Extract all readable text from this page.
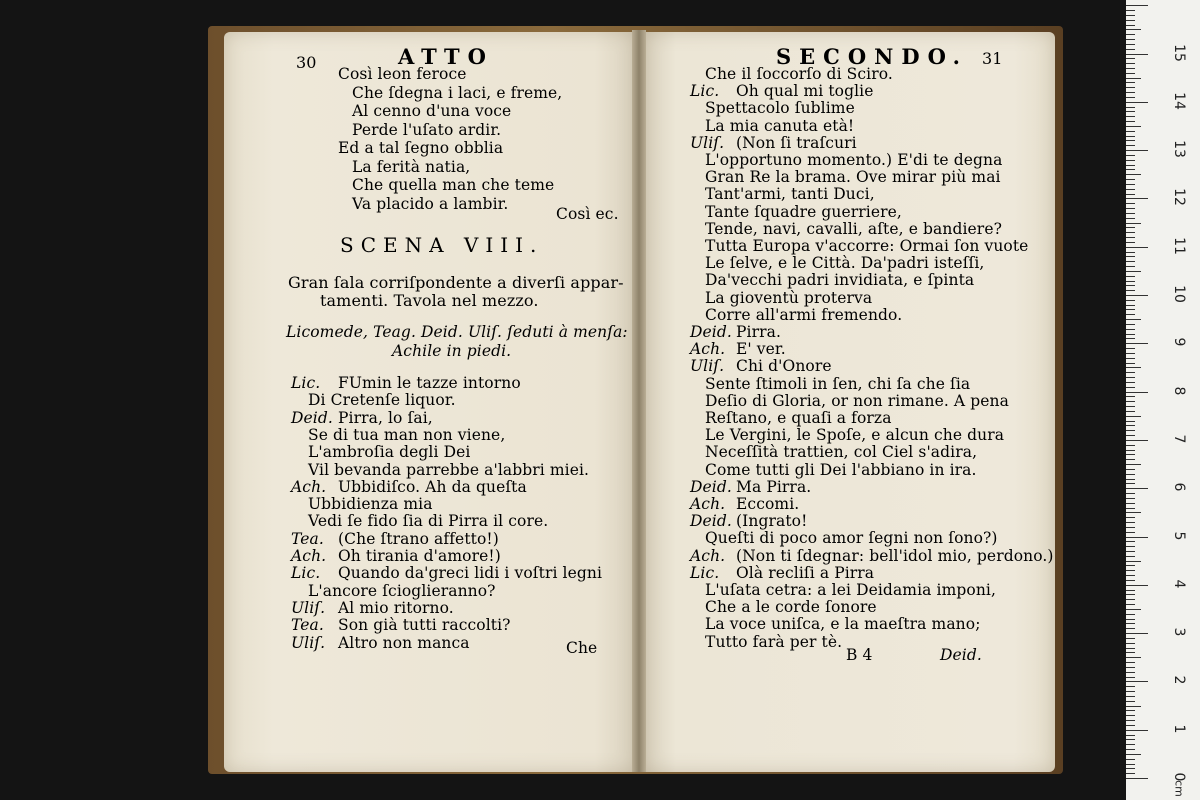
30	ATTO
Così leon feroce
Che ſdegna i laci, e freme,
Al cenno d'una voce
Perde l'uſato ardir.
Ed a tal ſegno obblia
La ferità natia,
Che quella man che teme
Va placido a lambir.
Così ec.
SCENA VIII.
Gran ſala corriſpondente a diverſi appar-
tamenti. Tavola nel mezzo.
Licomede, Teag. Deid. Uliſ. ſeduti à menſa:
Achile in piedi.
Lic. FUmin le tazze intorno
Di Cretenſe liquor.
Deid. Pirra, lo ſai,
Se di tua man non viene,
L'ambroſia degli Dei
Vil bevanda parrebbe a'labbri miei.
Ach. Ubbidiſco. Ah da queſta
Ubbidienza mia
Vedi ſe fido ſia di Pirra il core.
Tea. (Che ſtrano affetto!)
Ach. Oh tirania d'amore!)
Lic. Quando da'greci lidi i voſtri legni
L'ancore ſcioglieranno?
Uliſ. Al mio ritorno.
Tea. Son già tutti raccolti?
Uliſ. Altro non manca	Che
SECONDO. 31
Che il ſoccorſo di Sciro.
Lic. Oh qual mi toglie
Spettacolo ſublime
La mia canuta età!
Uliſ. (Non ſi traſcuri
L'opportuno momento.) E'di te degna
Gran Re la brama. Ove mirar più mai
Tant'armi, tanti Duci,
Tante ſquadre guerriere,
Tende, navi, cavalli, aſte, e bandiere?
Tutta Europa v'accorre: Ormai ſon vuote
Le ſelve, e le Città. Da'padri isteſſi,
Da'vecchi padri invidiata, e ſpinta
La gioventù proterva
Corre all'armi fremendo.
Deid. Pirra.
Ach. E' ver.
Uliſ. Chi d'Onore
Sente ſtimoli in ſen, chi ſa che ſia
Deſio di Gloria, or non rimane. A pena
Reſtano, e quaſi a forza
Le Vergini, le Spoſe, e alcun che dura
Neceſſità trattien, col Ciel s'adira,
Come tutti gli Dei l'abbiano in ira.
Deid. Ma Pirra.
Ach. Eccomi.
Deid. (Ingrato!
Queſti di poco amor ſegni non ſono?)
Ach. (Non ti ſdegnar: bell'idol mio, perdono.)
Lic. Olà recliſi a Pirra
L'uſata cetra: a lei Deidamia imponi,
Che a le corde ſonore
La voce uniſca, e la maeſtra mano;
Tutto farà per tè.
B 4	Deid.
0
1
2
3
4
5
6
7
8
9
10
11
12
13
14
15
cm
